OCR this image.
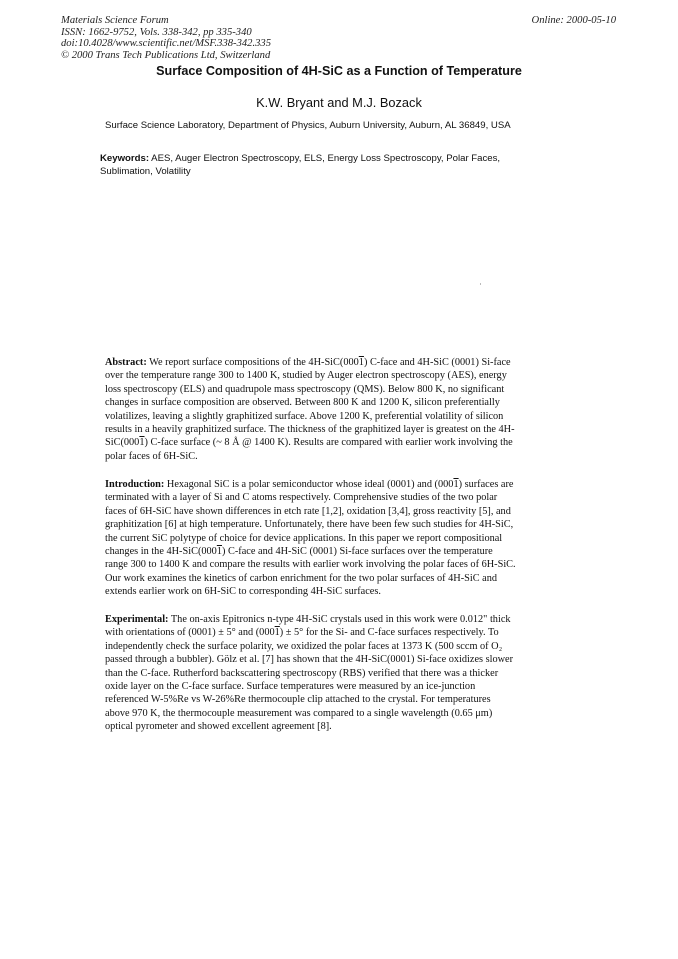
Materials Science Forum
ISSN: 1662-9752, Vols. 338-342, pp 335-340
doi:10.4028/www.scientific.net/MSF.338-342.335
© 2000 Trans Tech Publications Ltd, Switzerland
Online: 2000-05-10
Surface Composition of 4H-SiC as a Function of Temperature
K.W. Bryant and M.J. Bozack
Surface Science Laboratory, Department of Physics, Auburn University, Auburn, AL 36849, USA
Keywords: AES, Auger Electron Spectroscopy, ELS, Energy Loss Spectroscopy, Polar Faces, Sublimation, Volatility
Abstract: We report surface compositions of the 4H-SiC(0001) C-face and 4H-SiC (0001) Si-face
over the temperature range 300 to 1400 K, studied by Auger electron spectroscopy (AES), energy
loss spectroscopy (ELS) and quadrupole mass spectroscopy (QMS). Below 800 K, no significant
changes in surface composition are observed. Between 800 K and 1200 K, silicon preferentially
volatilizes, leaving a slightly graphitized surface. Above 1200 K, preferential volatility of silicon
results in a heavily graphitized surface. The thickness of the graphitized layer is greatest on the 4H-
SiC(0001) C-face surface (~ 8 Å @ 1400 K). Results are compared with earlier work involving the
polar faces of 6H-SiC.
Introduction: Hexagonal SiC is a polar semiconductor whose ideal (0001) and (0001) surfaces are
terminated with a layer of Si and C atoms respectively. Comprehensive studies of the two polar
faces of 6H-SiC have shown differences in etch rate [1,2], oxidation [3,4], gross reactivity [5], and
graphitization [6] at high temperature. Unfortunately, there have been few such studies for 4H-SiC,
the current SiC polytype of choice for device applications. In this paper we report compositional
changes in the 4H-SiC(0001) C-face and 4H-SiC (0001) Si-face surfaces over the temperature
range 300 to 1400 K and compare the results with earlier work involving the polar faces of 6H-SiC.
Our work examines the kinetics of carbon enrichment for the two polar surfaces of 4H-SiC and
extends earlier work on 6H-SiC to corresponding 4H-SiC surfaces.
Experimental: The on-axis Epitronics n-type 4H-SiC crystals used in this work were 0.012" thick
with orientations of (0001) ± 5° and (0001) ± 5° for the Si- and C-face surfaces respectively. To
independently check the surface polarity, we oxidized the polar faces at 1373 K (500 sccm of O₂
passed through a bubbler). Gölz et al. [7] has shown that the 4H-SiC(0001) Si-face oxidizes slower
than the C-face. Rutherford backscattering spectroscopy (RBS) verified that there was a thicker
oxide layer on the C-face surface. Surface temperatures were measured by an ice-junction
referenced W-5%Re vs W-26%Re thermocouple clip attached to the crystal. For temperatures
above 970 K, the thermocouple measurement was compared to a single wavelength (0.65 μm)
optical pyrometer and showed excellent agreement [8].
